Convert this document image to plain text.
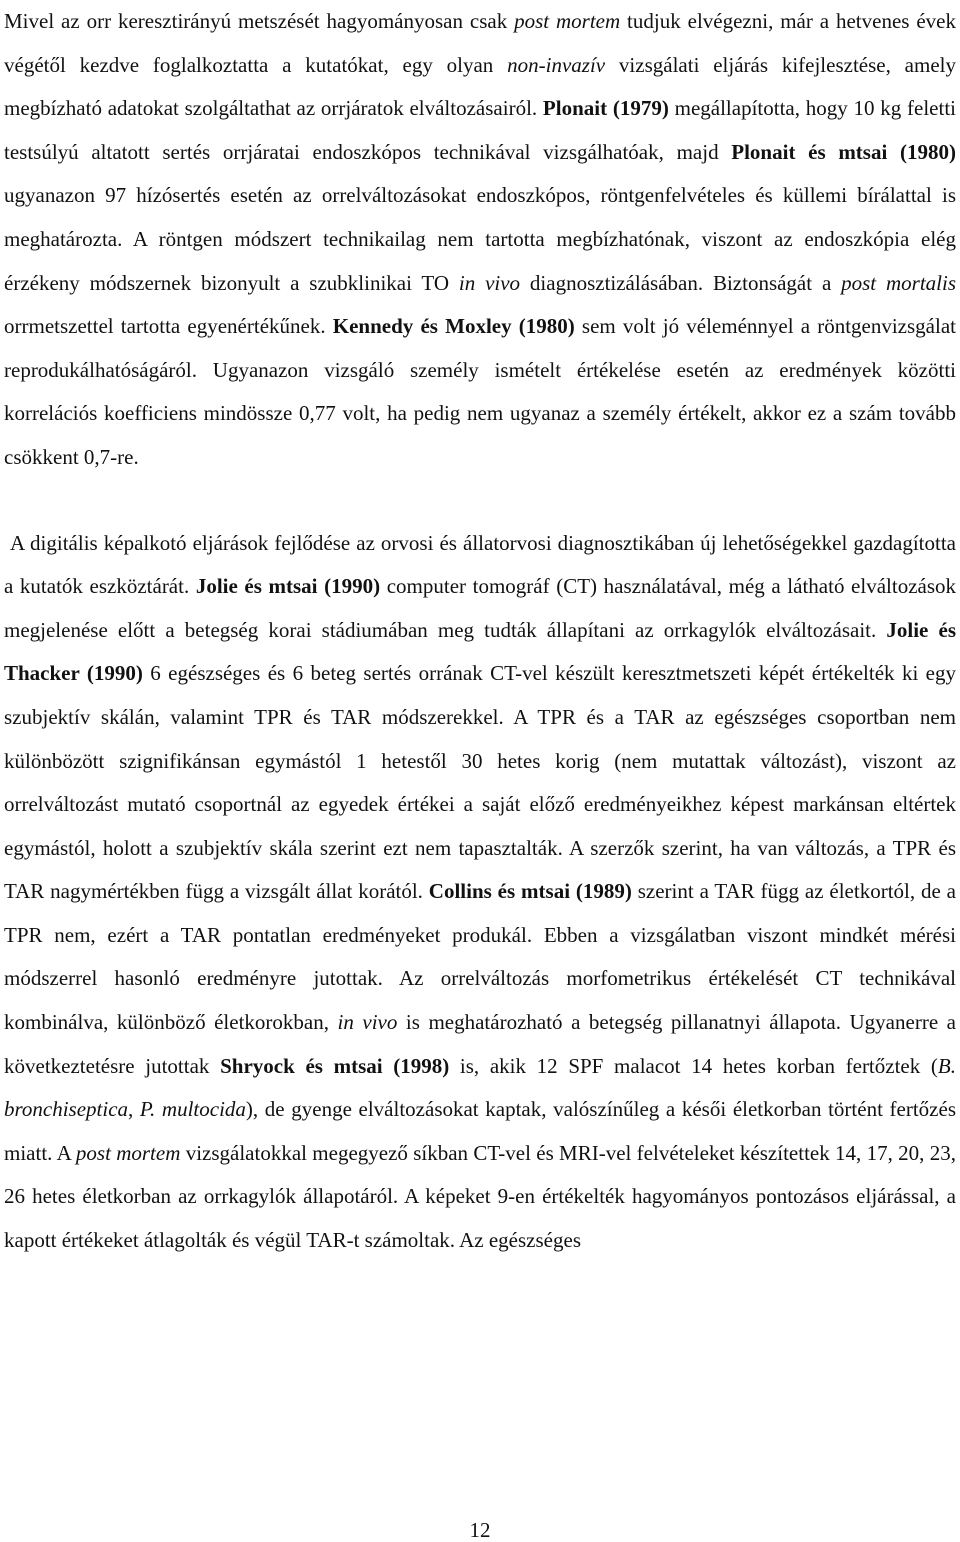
Mivel az orr keresztirányú metszését hagyományosan csak post mortem tudjuk elvégezni, már a hetvenes évek végétől kezdve foglalkoztatta a kutatókat, egy olyan non-invazív vizsgálati eljárás kifejlesztése, amely megbízható adatokat szolgáltathat az orrjáratok elváltozásairól. Plonait (1979) megállapította, hogy 10 kg feletti testsúlyú altatott sertés orrjáratai endoszkópos technikával vizsgálhatóak, majd Plonait és mtsai (1980) ugyanazon 97 hízósertés esetén az orrelváltozásokat endoszkópos, röntgenfelvételes és küllemi bírálattal is meghatározta. A röntgen módszert technikailag nem tartotta megbízhatónak, viszont az endoszkópia elég érzékeny módszernek bizonyult a szubklinikai TO in vivo diagnosztizálásában. Biztonságát a post mortalis orrmetszettel tartotta egyenértékűnek. Kennedy és Moxley (1980) sem volt jó véleménnyel a röntgenvizsgálat reprodukálhatóságáról. Ugyanazon vizsgáló személy ismételt értékelése esetén az eredmények közötti korrelációs koefficiens mindössze 0,77 volt, ha pedig nem ugyanaz a személy értékelt, akkor ez a szám tovább csökkent 0,7-re.

A digitális képalkotó eljárások fejlődése az orvosi és állatorvosi diagnosztikában új lehetőségekkel gazdagította a kutatók eszköztárát. Jolie és mtsai (1990) computer tomográf (CT) használatával, még a látható elváltozások megjelenése előtt a betegség korai stádiumában meg tudták állapítani az orrkagylók elváltozásait. Jolie és Thacker (1990) 6 egészséges és 6 beteg sertés orrának CT-vel készült keresztmetszeti képét értékelték ki egy szubjektív skálán, valamint TPR és TAR módszerekkel. A TPR és a TAR az egészséges csoportban nem különbözött szignifikánsan egymástól 1 hetestől 30 hetes korig (nem mutattak változást), viszont az orrelváltozást mutató csoportnál az egyedek értékei a saját előző eredményeikhez képest markánsan eltértek egymástól, holott a szubjektív skála szerint ezt nem tapasztalták. A szerzők szerint, ha van változás, a TPR és TAR nagymértékben függ a vizsgált állat korától. Collins és mtsai (1989) szerint a TAR függ az életkortól, de a TPR nem, ezért a TAR pontatlan eredményeket produkál. Ebben a vizsgálatban viszont mindkét mérési módszerrel hasonló eredményre jutottak. Az orrelváltozás morfometrikus értékelését CT technikával kombinálva, különböző életkorokban, in vivo is meghatározható a betegség pillanatnyi állapota. Ugyanerre a következtetésre jutottak Shryock és mtsai (1998) is, akik 12 SPF malacot 14 hetes korban fertőztek (B. bronchiseptica, P. multocida), de gyenge elváltozásokat kaptak, valószínűleg a késői életkorban történt fertőzés miatt. A post mortem vizsgálatokkal megegyező síkban CT-vel és MRI-vel felvételeket készítettek 14, 17, 20, 23, 26 hetes életkorban az orrkagylók állapotáról. A képeket 9-en értékelték hagyományos pontozásos eljárással, a kapott értékeket átlagolták és végül TAR-t számoltak. Az egészséges

12
